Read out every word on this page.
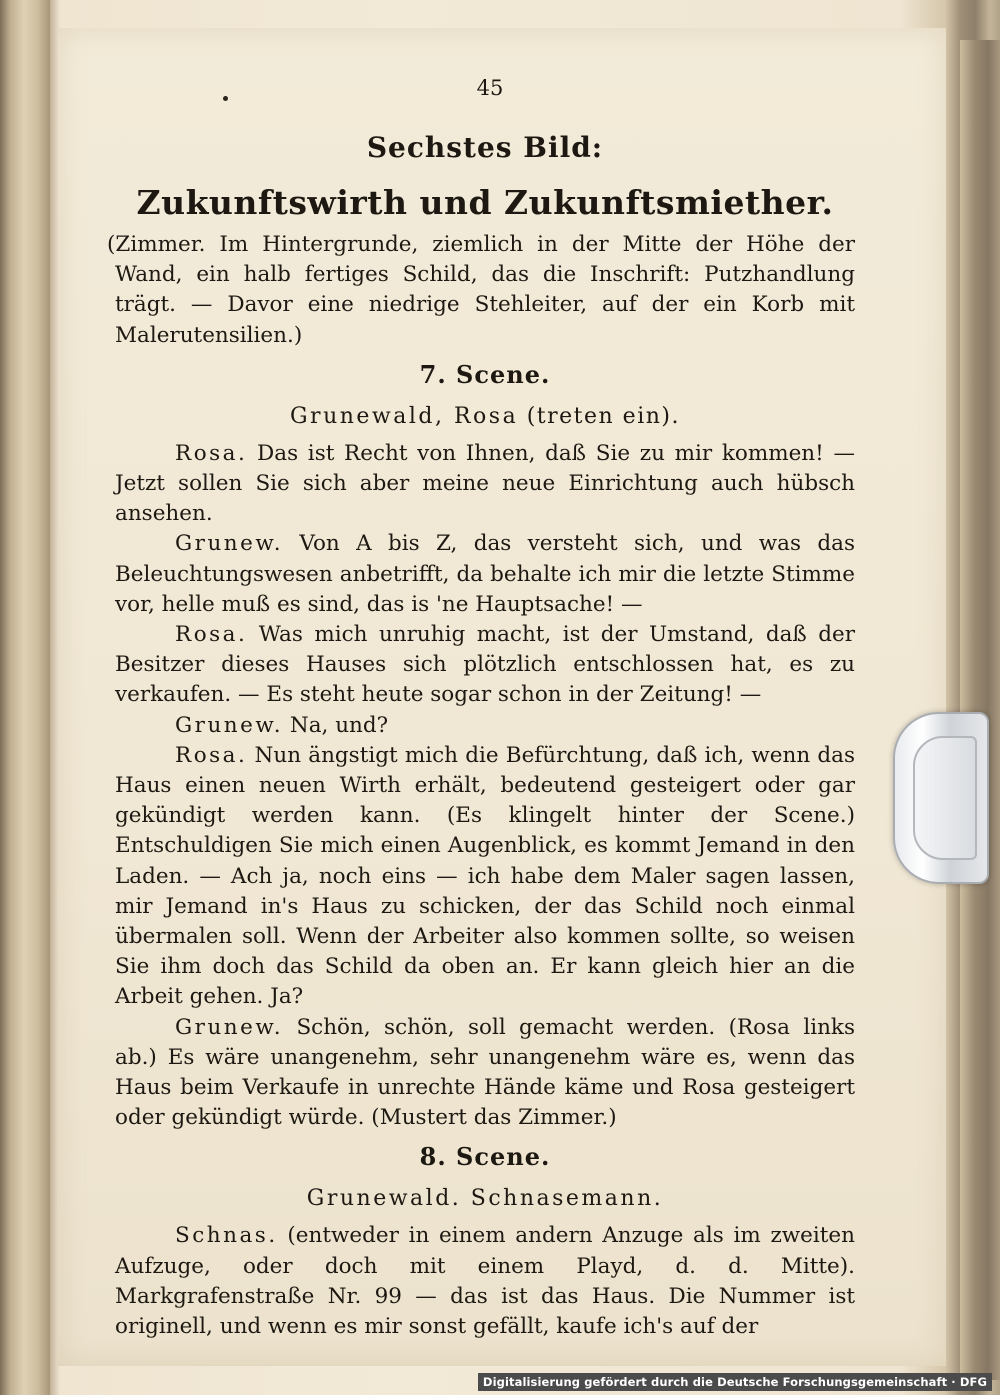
45
Sechstes Bild:
Zukunftswirth und Zukunftsmiether.
(Zimmer. Im Hintergrunde, ziemlich in der Mitte der Höhe der Wand, ein halb fertiges Schild, das die Inschrift: Putzhandlung trägt. — Davor eine niedrige Stehleiter, auf der ein Korb mit Malerutensilien.)
7. Scene.
Grunewald, Rosa (treten ein).
Rosa. Das ist Recht von Ihnen, daß Sie zu mir kommen! — Jetzt sollen Sie sich aber meine neue Einrichtung auch hübsch ansehen.
Grunew. Von A bis Z, das versteht sich, und was das Beleuchtungswesen anbetrifft, da behalte ich mir die letzte Stimme vor, helle muß es sind, das is 'ne Hauptsache! —
Rosa. Was mich unruhig macht, ist der Umstand, daß der Besitzer dieses Hauses sich plötzlich entschlossen hat, es zu verkaufen. — Es steht heute sogar schon in der Zeitung! —
Grunew. Na, und?
Rosa. Nun ängstigt mich die Befürchtung, daß ich, wenn das Haus einen neuen Wirth erhält, bedeutend gesteigert oder gar gekündigt werden kann. (Es klingelt hinter der Scene.) Entschuldigen Sie mich einen Augenblick, es kommt Jemand in den Laden. — Ach ja, noch eins — ich habe dem Maler sagen lassen, mir Jemand in's Haus zu schicken, der das Schild noch einmal übermalen soll. Wenn der Arbeiter also kommen sollte, so weisen Sie ihm doch das Schild da oben an. Er kann gleich hier an die Arbeit gehen. Ja?
Grunew. Schön, schön, soll gemacht werden. (Rosa links ab.) Es wäre unangenehm, sehr unangenehm wäre es, wenn das Haus beim Verkaufe in unrechte Hände käme und Rosa gesteigert oder gekündigt würde. (Mustert das Zimmer.)
8. Scene.
Grunewald. Schnasemann.
Schnas. (entweder in einem andern Anzuge als im zweiten Aufzuge, oder doch mit einem Playd, d. d. Mitte). Markgrafenstraße Nr. 99 — das ist das Haus. Die Nummer ist originell, und wenn es mir sonst gefällt, kaufe ich's auf der
Digitalisierung gefördert durch die Deutsche Forschungsgemeinschaft · DFG
